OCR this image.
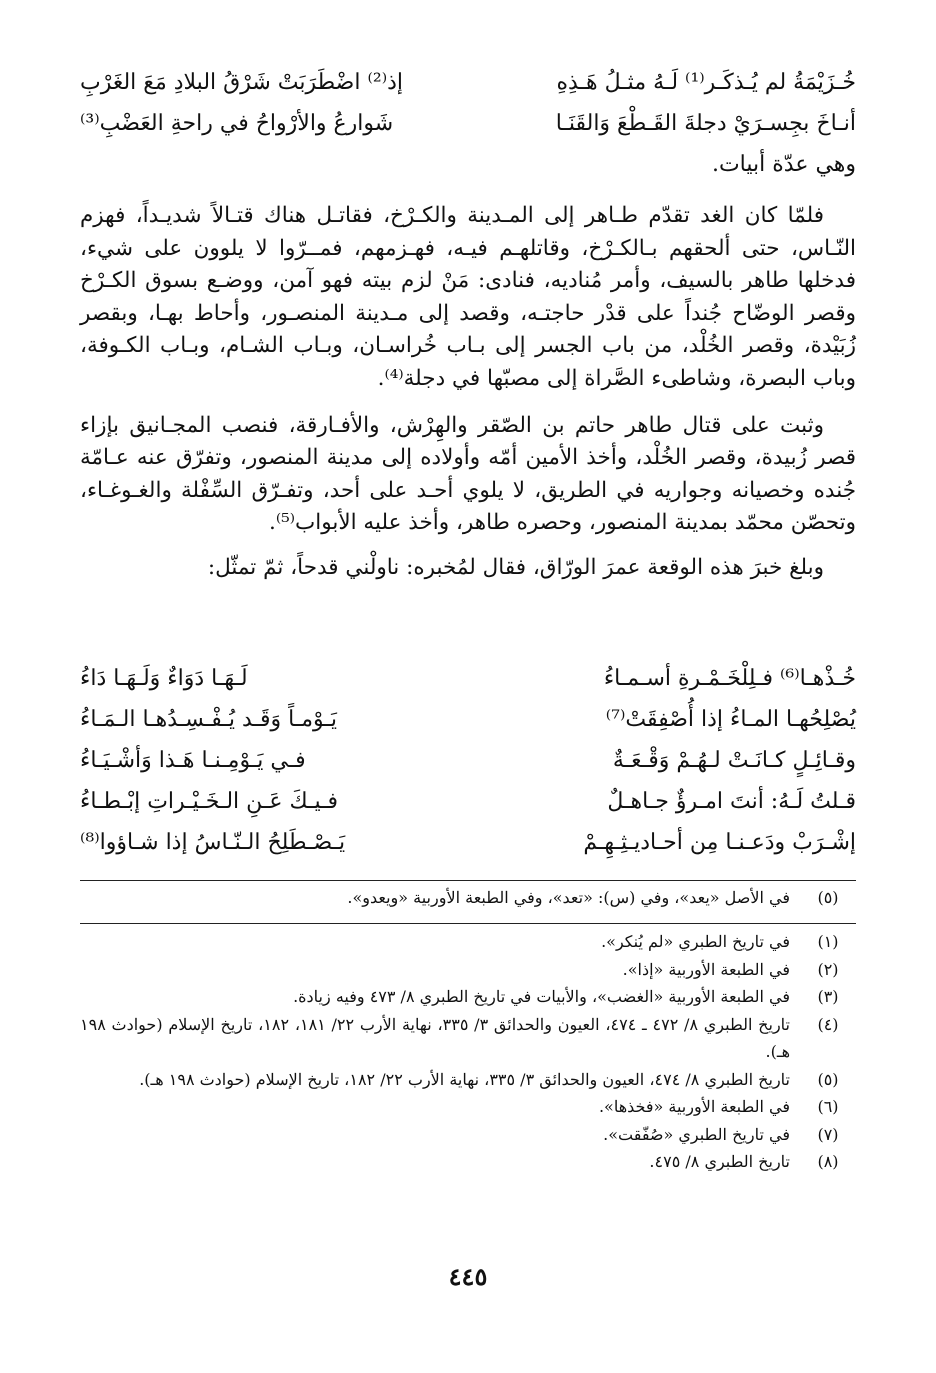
خُـزَيْمَةُ لم يُـذكَـر⁽¹⁾ لَـهُ مثـلُ هَـذِهِ
إذ⁽²⁾ اضْطَرَبَتْ شَرْقُ البلادِ مَعَ الغَرْبِ
أنـاخَ بجِسـرَيْ دجلةَ القَـطْعَ وَالقَنَـا
شَوارعُ والأرْواحُ في راحةِ العَضْبِ⁽³⁾
وهي عدّة أبيات.

فلمّا كان الغد تقدّم طـاهر إلى المـدينة والكـرْخ، فقاتـل هناك قتـالاً شديـداً، فهزم النّـاس، حتى ألحقهم بـالكـرْخ، وقاتلهـم فيـه، فهـزمهم، فمــرّوا لا يلوون على شيء، فدخلها طاهر بالسيف، وأمر مُناديه، فنادى: مَنْ لزم بيته فهو آمن، ووضـع بسوق الكـرْخ وقصر الوضّاح جُنداً على قدْر حاجتـه، وقصد إلى مـدينة المنصـور، وأحاط بهـا، وبقصر زُبَيْدة، وقصر الخُلْد، من باب الجسر إلى بـاب خُراسـان، وبـاب الشـام، وبـاب الكـوفة، وباب البصرة، وشاطىء الصَّراة إلى مصبّها في دجلة⁽⁴⁾.

وثبت على قتال طاهر حاتم بن الصّقر والهِرْش، والأفـارقة، فنصب المجـانيق بإزاء قصر زُبيدة، وقصر الخُلْد، وأخذ الأمين أمّه وأولاده إلى مدينة المنصور، وتفرّق عنه عـامّة جُنده وخصيانه وجواريه في الطريق، لا يلوي أحـد على أحد، وتفـرّق السِّفْلة والغـوغـاء، وتحصّن محمّد بمدينة المنصور، وحصره طاهر، وأخذ عليه الأبواب⁽⁵⁾.

وبلغ خبرَ هذه الوقعة عمرَ الورّاق، فقال لمُخبره: ناولْني قدحاً، ثمّ تمثّل:

خُـذْهـا⁽⁶⁾ فـلِلْخَـمْـرةِ أسـمـاءُ
لَـهَـا دَوَاءٌ وَلَـهَـا دَاءُ
يُصْلِحُهـا المـاءُ إذا أُصْفِقَتْ⁽⁷⁾
يَـوْمـاً وَقَـد يُـفْـسِـدُهـا الـمَـاءُ
وقـائِـلٍ كـانَـتْ لـهُـمْ وَقْـعَـةٌ
فـي يَـوْمِـنـا هَـذا وَأشْـيَـاءُ
قـلتُ لَـهُ: أنتَ امـرؤٌ جـاهـلٌ
فـيـكَ عَـنِ الـخَـيْـراتِ إبْـطـاءُ
إشْـرَبْ ودَعـنـا مِن أحـاديـثِـهِـمْ
يَـصْـطَلِحُ الـنّـاسُ إذا شـاؤوا⁽⁸⁾
(٥)
في الأصل «يعد»، وفي (س): «تعد»، وفي الطبعة الأوربية «ويعدو».
(١)
في تاريخ الطبري «لم يُنكر».
(٢)
في الطبعة الأوربية «إذا».
(٣)
في الطبعة الأوربية «الغضب»، والأبيات في تاريخ الطبري ٨/ ٤٧٣ وفيه زيادة.
(٤)
تاريخ الطبري ٨/ ٤٧٢ ـ ٤٧٤، العيون والحدائق ٣/ ٣٣٥، نهاية الأرب ٢٢/ ١٨١، ١٨٢، تاريخ الإسلام (حوادث ١٩٨ هـ).
(٥)
تاريخ الطبري ٨/ ٤٧٤، العيون والحدائق ٣/ ٣٣٥، نهاية الأرب ٢٢/ ١٨٢، تاريخ الإسلام (حوادث ١٩٨ هـ).
(٦)
في الطبعة الأوربية «فخذها».
(٧)
في تاريخ الطبري «صُفّقت».
(٨)
تاريخ الطبري ٨/ ٤٧٥.
٤٤٥
